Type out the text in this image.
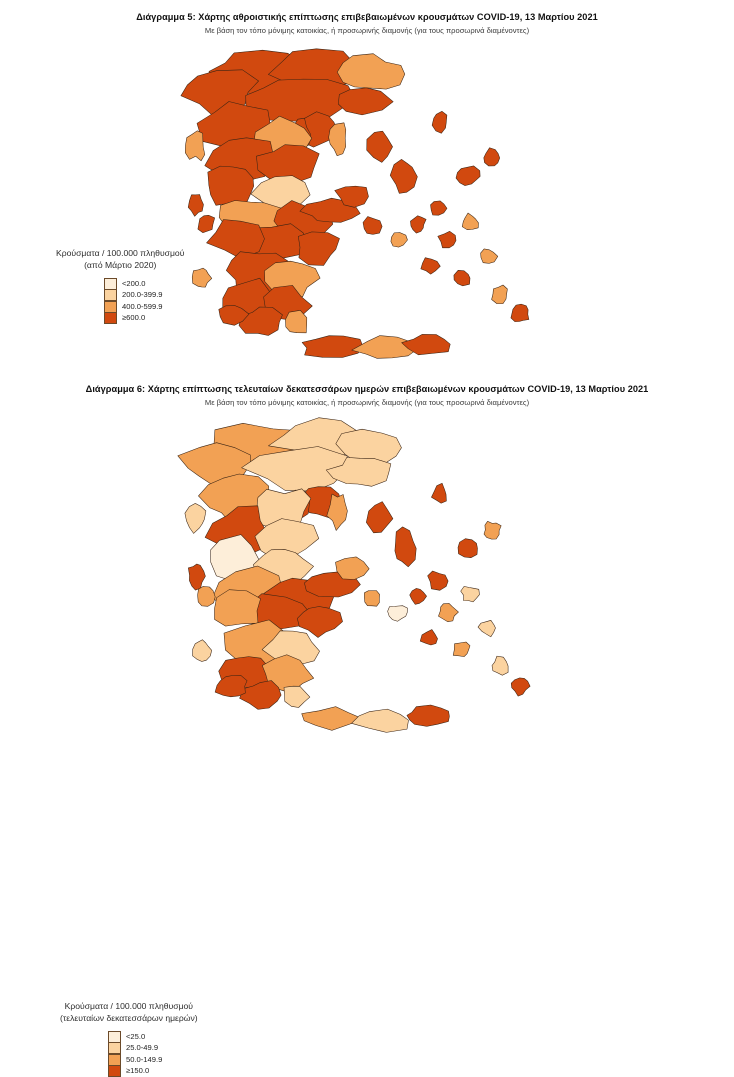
Διάγραμμα 5: Χάρτης αθροιστικής επίπτωσης επιβεβαιωμένων κρουσμάτων COVID-19, 13 Μαρτίου 2021
Με βάση τον τόπο μόνιμης κατοικίας, ή προσωρινής διαμονής (για τους προσωρινά διαμένοντες)
Κρούσματα / 100.000 πληθυσμού
(από Μάρτιο 2020)
<200.0
200.0-399.9
400.0-599.9
≥600.0
Διάγραμμα 6: Χάρτης επίπτωσης τελευταίων δεκατεσσάρων ημερών επιβεβαιωμένων κρουσμάτων COVID-19, 13 Μαρτίου 2021
Με βάση τον τόπο μόνιμης κατοικίας, ή προσωρινής διαμονής (για τους προσωρινά διαμένοντες)
Κρούσματα / 100.000 πληθυσμού
(τελευταίων δεκατεσσάρων ημερών)
<25.0
25.0-49.9
50.0-149.9
≥150.0
